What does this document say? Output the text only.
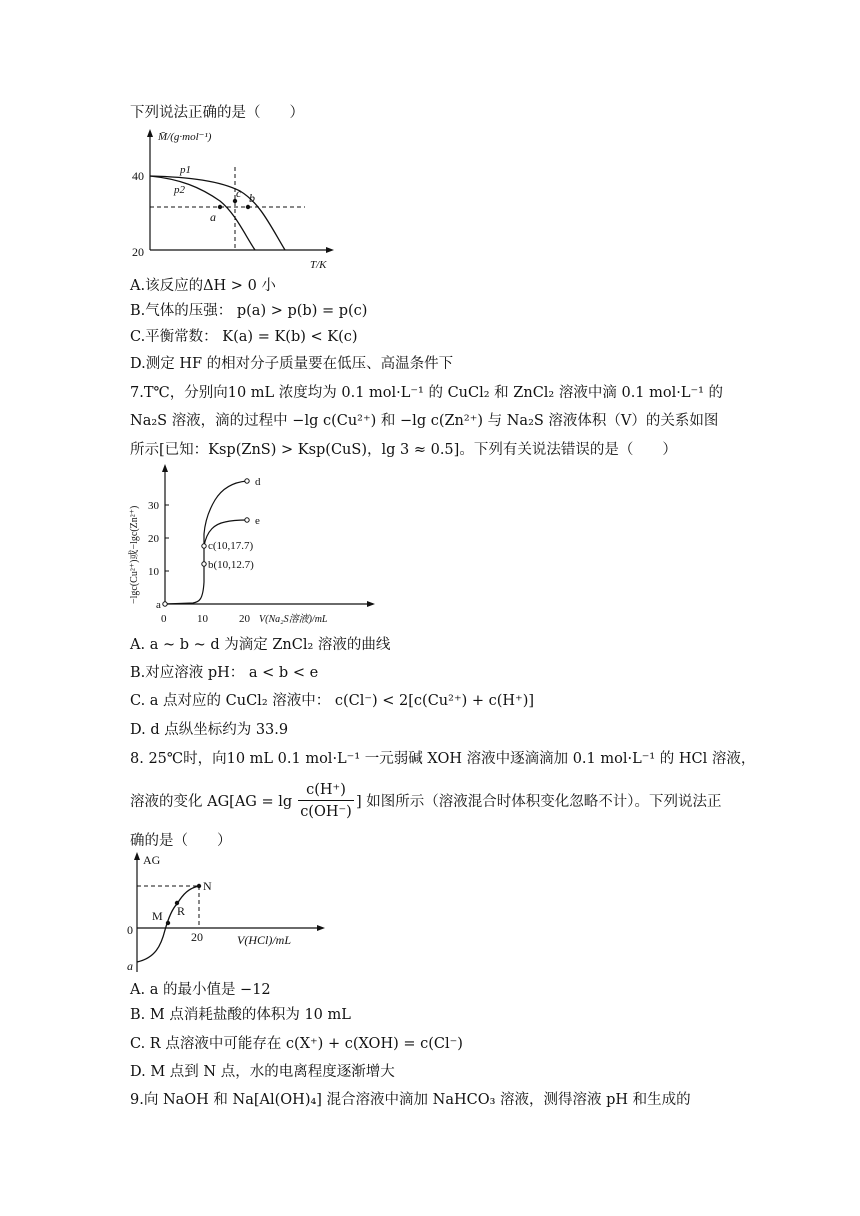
下列说法正确的是（　　）
M̄/(g·mol⁻¹)
T/K
40
20
p1
p2
a
b
c
A.该反应的ΔH > 0 小
B.气体的压强： p(a) > p(b) = p(c)
C.平衡常数： K(a) = K(b) < K(c)
D.测定 HF 的相对分子质量要在低压、高温条件下
7.T℃，分别向10 mL 浓度均为 0.1 mol·L⁻¹ 的 CuCl₂ 和 ZnCl₂ 溶液中滴 0.1 mol·L⁻¹ 的
Na₂S 溶液，滴的过程中 −lg c(Cu²⁺) 和 −lg c(Zn²⁺) 与 Na₂S 溶液体积（V）的关系如图
所示[已知：Ksp(ZnS) > Ksp(CuS)，lg 3 ≈ 0.5]。下列有关说法错误的是（　　）
−lgc(Cu²⁺)或−lgc(Zn²⁺) 10
20
30
0	10	20 V(Na₂S溶液)/mL
a
b(10,12.7)
c(10,17.7)
d
e
A. a ~ b ~ d 为滴定 ZnCl₂ 溶液的曲线
B.对应溶液 pH： a < b < e
C. a 点对应的 CuCl₂ 溶液中： c(Cl⁻) < 2[c(Cu²⁺) + c(H⁺)]
D. d 点纵坐标约为 33.9
8. 25℃时，向10 mL 0.1 mol·L⁻¹ 一元弱碱 XOH 溶液中逐滴滴加 0.1 mol·L⁻¹ 的 HCl 溶液，
溶液的变化 AG[AG = lg
c(H⁺)
c(OH⁻)
] 如图所示（溶液混合时体积变化忽略不计）。下列说法正
确的是（　　）
AG
V(HCl)/mL
0	20
M R
N
a
A. a 的最小值是 −12
B. M 点消耗盐酸的体积为 10 mL
C. R 点溶液中可能存在 c(X⁺) + c(XOH) = c(Cl⁻)
D. M 点到 N 点，水的电离程度逐渐增大
9.向 NaOH 和 Na[Al(OH)₄] 混合溶液中滴加 NaHCO₃ 溶液，测得溶液 pH 和生成的
